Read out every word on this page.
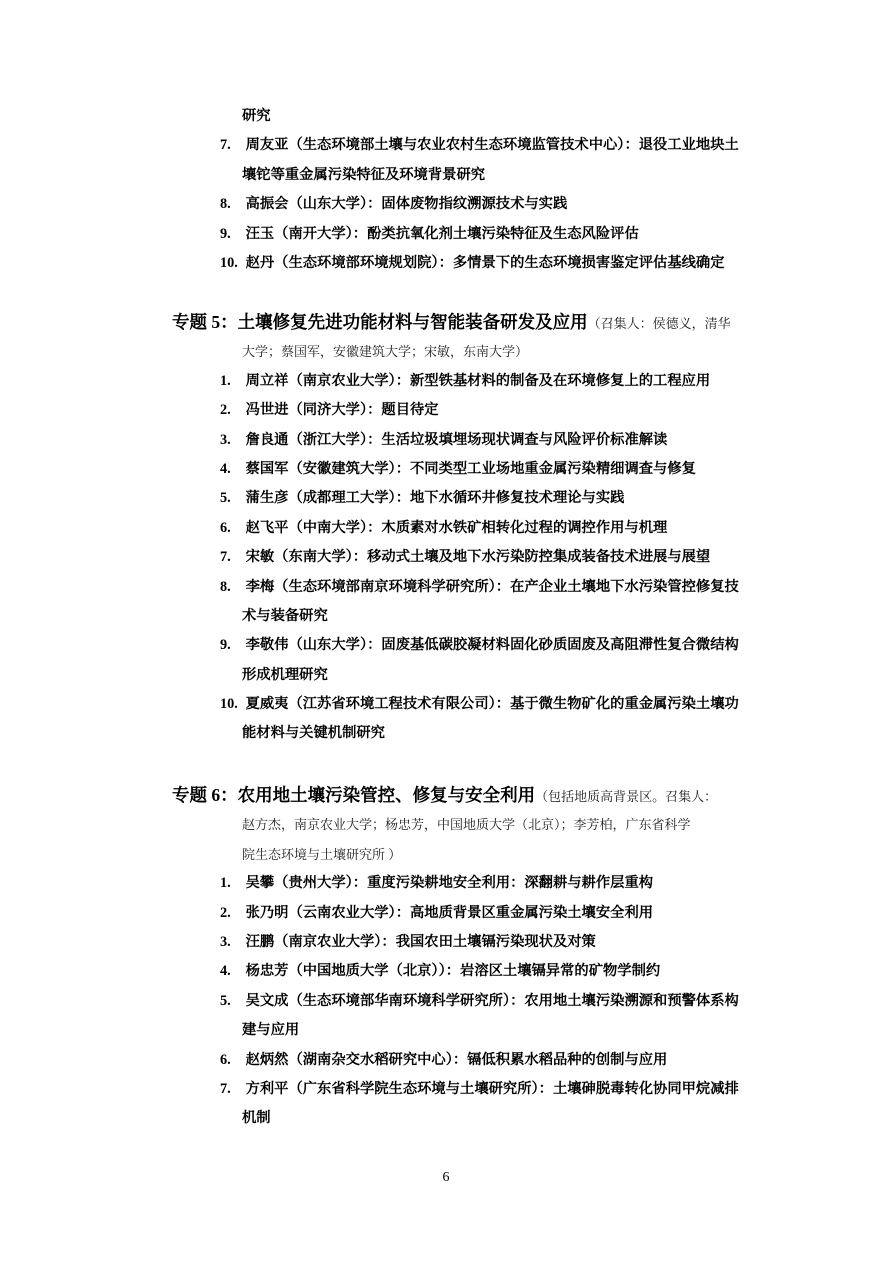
研究
7. 周友亚（生态环境部土壤与农业农村生态环境监管技术中心）：退役工业地块土
壤铊等重金属污染特征及环境背景研究
8. 高振会（山东大学）：固体废物指纹溯源技术与实践
9. 汪玉（南开大学）：酚类抗氧化剂土壤污染特征及生态风险评估
10. 赵丹（生态环境部环境规划院）：多情景下的生态环境损害鉴定评估基线确定
专题 5：土壤修复先进功能材料与智能装备研发及应用（召集人：侯德义，清华
大学；蔡国军，安徽建筑大学；宋敏，东南大学）
1. 周立祥（南京农业大学）：新型铁基材料的制备及在环境修复上的工程应用
2. 冯世进（同济大学）：题目待定
3. 詹良通（浙江大学）：生活垃圾填埋场现状调查与风险评价标准解读
4. 蔡国军（安徽建筑大学）：不同类型工业场地重金属污染精细调查与修复
5. 蒲生彦（成都理工大学）：地下水循环井修复技术理论与实践
6. 赵飞平（中南大学）：木质素对水铁矿相转化过程的调控作用与机理
7. 宋敏（东南大学）：移动式土壤及地下水污染防控集成装备技术进展与展望
8. 李梅（生态环境部南京环境科学研究所）：在产企业土壤地下水污染管控修复技
术与装备研究
9. 李敬伟（山东大学）：固废基低碳胶凝材料固化砂质固废及高阻滞性复合微结构
形成机理研究
10. 夏威夷（江苏省环境工程技术有限公司）：基于微生物矿化的重金属污染土壤功
能材料与关键机制研究
专题 6：农用地土壤污染管控、修复与安全利用（包括地质高背景区。召集人：
赵方杰，南京农业大学；杨忠芳，中国地质大学（北京）；李芳柏，广东省科学
院生态环境与土壤研究所 ）
1. 吴攀（贵州大学）：重度污染耕地安全利用：深翻耕与耕作层重构
2. 张乃明（云南农业大学）：高地质背景区重金属污染土壤安全利用
3. 汪鹏（南京农业大学）：我国农田土壤镉污染现状及对策
4. 杨忠芳（中国地质大学（北京））：岩溶区土壤镉异常的矿物学制约
5. 吴文成（生态环境部华南环境科学研究所）：农用地土壤污染溯源和预警体系构
建与应用
6. 赵炳然（湖南杂交水稻研究中心）：镉低积累水稻品种的创制与应用
7. 方利平（广东省科学院生态环境与土壤研究所）：土壤砷脱毒转化协同甲烷减排
机制
6
